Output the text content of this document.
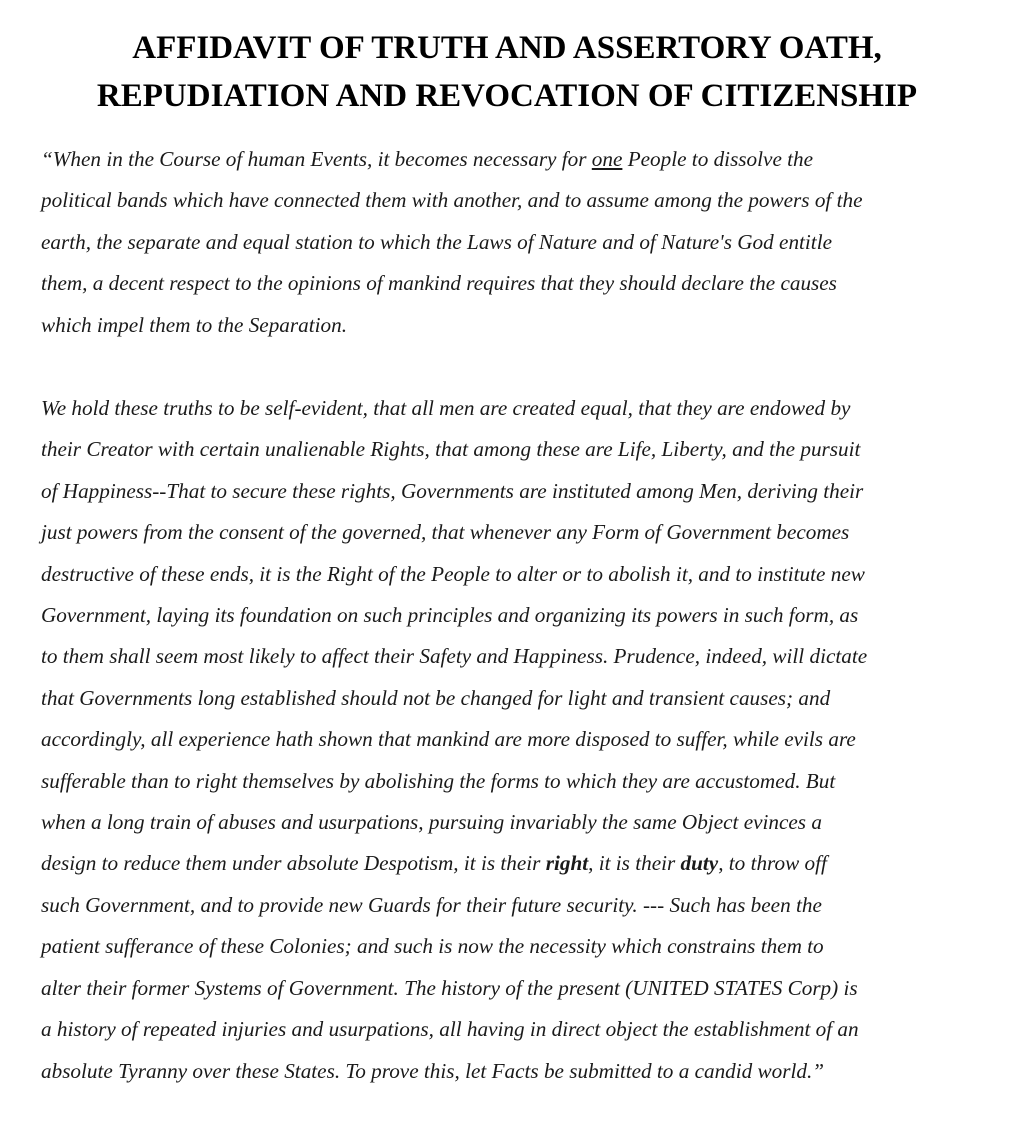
AFFIDAVIT OF TRUTH AND ASSERTORY OATH,
REPUDIATION AND REVOCATION OF CITIZENSHIP

“When in the Course of human Events, it becomes necessary for one People to dissolve the
political bands which have connected them with another, and to assume among the powers of the
earth, the separate and equal station to which the Laws of Nature and of Nature's God entitle
them, a decent respect to the opinions of mankind requires that they should declare the causes
which impel them to the Separation.

We hold these truths to be self-evident, that all men are created equal, that they are endowed by
their Creator with certain unalienable Rights, that among these are Life, Liberty, and the pursuit
of Happiness--That to secure these rights, Governments are instituted among Men, deriving their
just powers from the consent of the governed, that whenever any Form of Government becomes
destructive of these ends, it is the Right of the People to alter or to abolish it, and to institute new
Government, laying its foundation on such principles and organizing its powers in such form, as
to them shall seem most likely to affect their Safety and Happiness. Prudence, indeed, will dictate
that Governments long established should not be changed for light and transient causes; and
accordingly, all experience hath shown that mankind are more disposed to suffer, while evils are
sufferable than to right themselves by abolishing the forms to which they are accustomed. But
when a long train of abuses and usurpations, pursuing invariably the same Object evinces a
design to reduce them under absolute Despotism, it is their right, it is their duty, to throw off
such Government, and to provide new Guards for their future security. --- Such has been the
patient sufferance of these Colonies; and such is now the necessity which constrains them to
alter their former Systems of Government. The history of the present (UNITED STATES Corp) is
a history of repeated injuries and usurpations, all having in direct object the establishment of an
absolute Tyranny over these States. To prove this, let Facts be submitted to a candid world.”
